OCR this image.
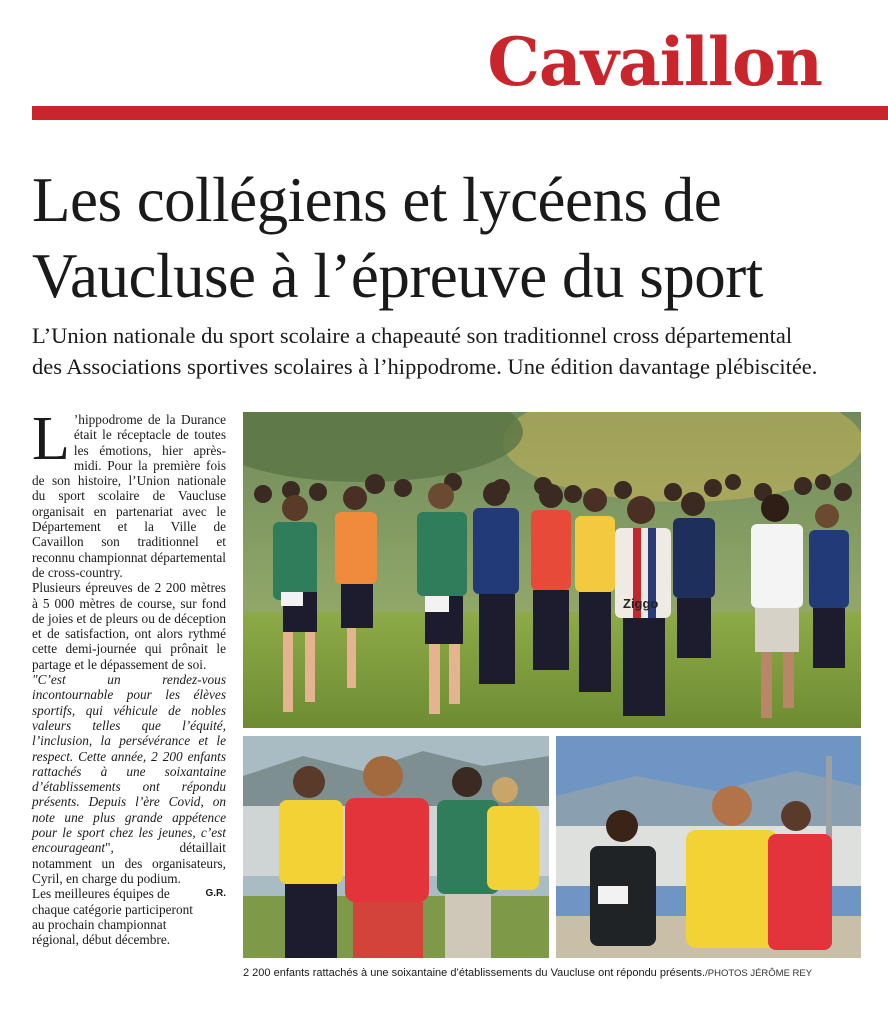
Cavaillon
Les collégiens et lycéens de
Vaucluse à l’épreuve du sport

L’Union nationale du sport scolaire a chapeauté son traditionnel cross départemental
des Associations sportives scolaires à l’hippodrome. Une édition davantage plébiscitée.

L ’hippodrome de la Durance était le réceptacle de toutes les émotions, hier après-midi. Pour la première fois de son histoire, l’Union nationale du sport scolaire de Vaucluse organisait en partenariat avec le Département et la Ville de Cavaillon son traditionnel et reconnu championnat départemental de cross-country.

Plusieurs épreuves de 2 200 mètres à 5 000 mètres de course, sur fond de joies et de pleurs ou de déception et de satisfaction, ont alors rythmé cette demi-journée qui prônait le partage et le dépassement de soi.

"C’est un rendez-vous incontournable pour les élèves sportifs, qui véhicule de nobles valeurs telles que l’équité, l’inclusion, la persévérance et le respect. Cette année, 2 200 enfants rattachés à une soixantaine d’établissements ont répondu présents. Depuis l’ère Covid, on note une plus grande appétence pour le sport chez les jeunes, c’est encourageant", détaillait notamment un des organisateurs, Cyril, en charge du podium.

Les meilleures équipes de chaque catégorie participeront au prochain championnat régional, début décembre.
G.R.

Ziggo
2 200 enfants rattachés à une soixantaine d’établissements du Vaucluse ont répondu présents./PHOTOS JÉRÔME REY
